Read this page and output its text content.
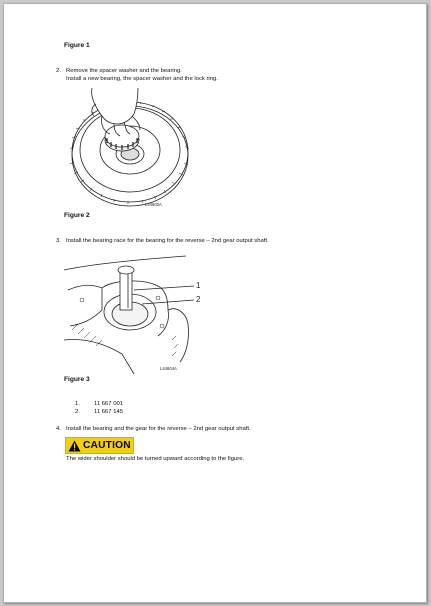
Figure 1
2. Remove the spacer washer and the bearing.
Install a new bearing, the spacer washer and the lock ring.
L44603A
Figure 2
3. Install the bearing race for the bearing for the reverse – 2nd gear output shaft.
1
2
L44604A
Figure 3
1. 11 667 001
2. 11 667 145
4. Install the bearing and the gear for the reverse – 2nd gear output shaft.
CAUTION
The wider shoulder should be turned upward according to the figure.
